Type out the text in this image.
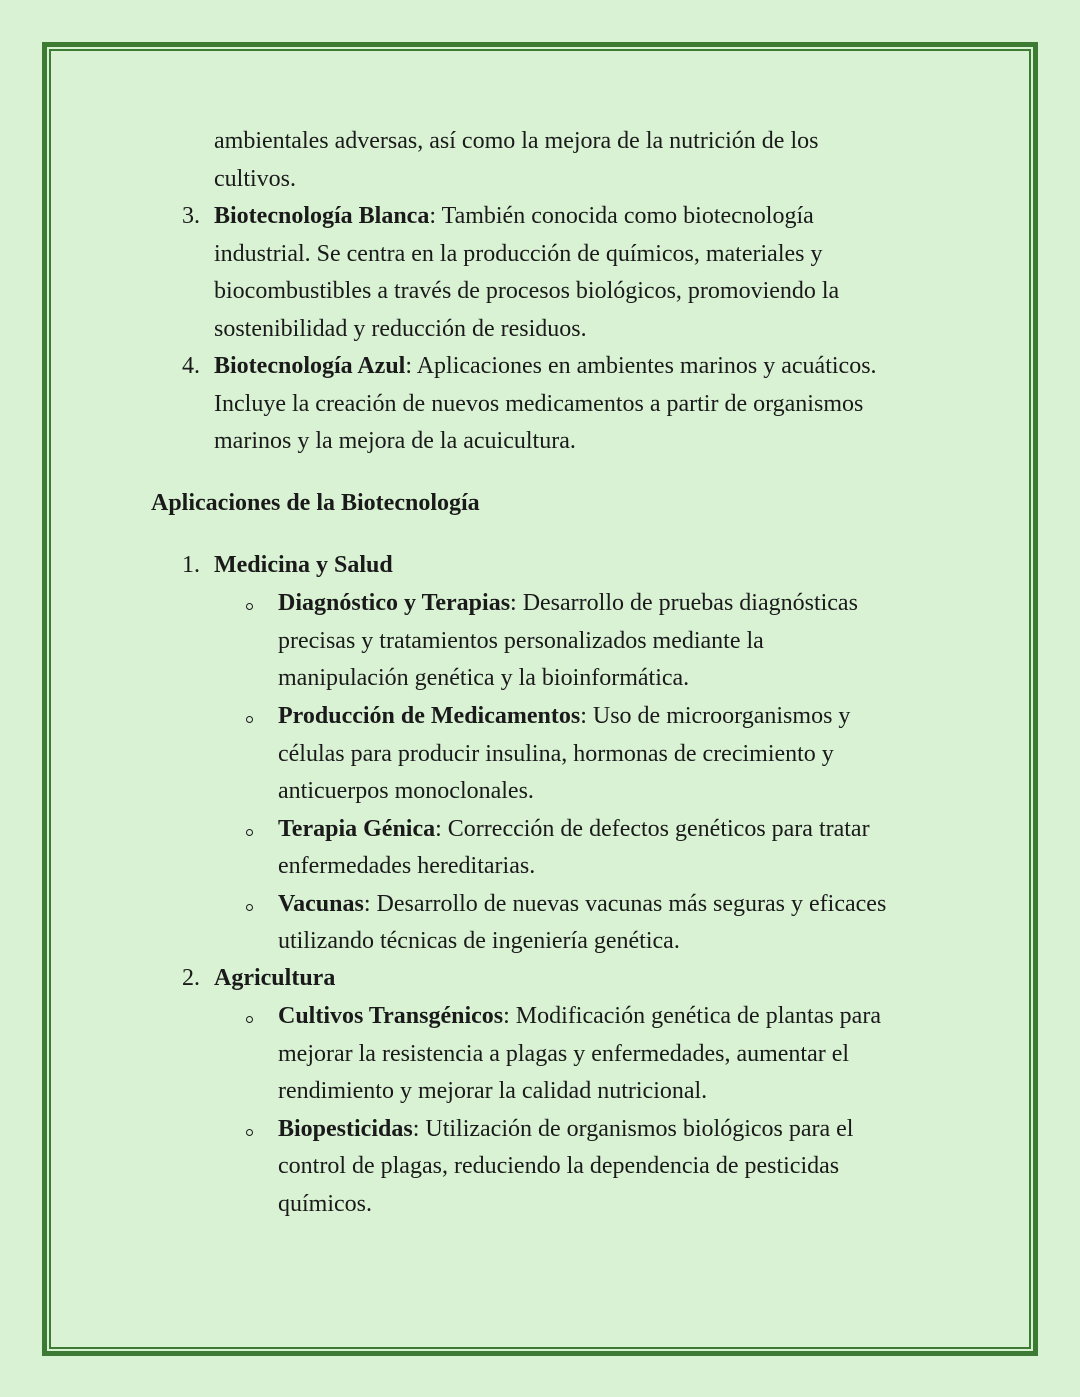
ambientales adversas, así como la mejora de la nutrición de los
cultivos.
3. Biotecnología Blanca: También conocida como biotecnología
industrial. Se centra en la producción de químicos, materiales y
biocombustibles a través de procesos biológicos, promoviendo la
sostenibilidad y reducción de residuos.
4. Biotecnología Azul: Aplicaciones en ambientes marinos y acuáticos.
Incluye la creación de nuevos medicamentos a partir de organismos
marinos y la mejora de la acuicultura.
Aplicaciones de la Biotecnología
1. Medicina y Salud
Diagnóstico y Terapias: Desarrollo de pruebas diagnósticas
precisas y tratamientos personalizados mediante la
manipulación genética y la bioinformática.
Producción de Medicamentos: Uso de microorganismos y
células para producir insulina, hormonas de crecimiento y
anticuerpos monoclonales.
Terapia Génica: Corrección de defectos genéticos para tratar
enfermedades hereditarias.
Vacunas: Desarrollo de nuevas vacunas más seguras y eficaces
utilizando técnicas de ingeniería genética.
2. Agricultura
Cultivos Transgénicos: Modificación genética de plantas para
mejorar la resistencia a plagas y enfermedades, aumentar el
rendimiento y mejorar la calidad nutricional.
Biopesticidas: Utilización de organismos biológicos para el
control de plagas, reduciendo la dependencia de pesticidas
químicos.
